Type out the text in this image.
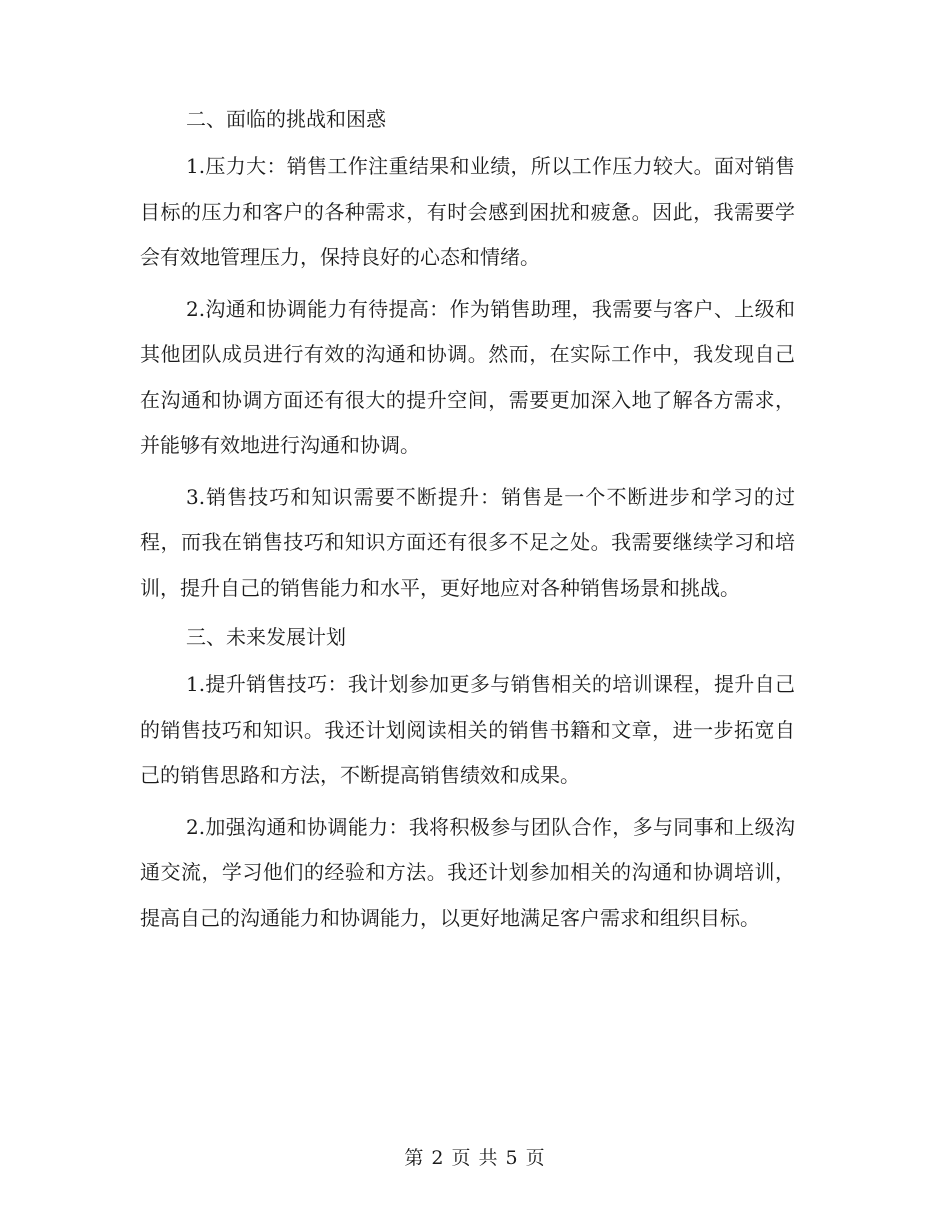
二、面临的挑战和困惑

1.压力大：销售工作注重结果和业绩，所以工作压力较大。面对销售目标的压力和客户的各种需求，有时会感到困扰和疲惫。因此，我需要学会有效地管理压力，保持良好的心态和情绪。

2.沟通和协调能力有待提高：作为销售助理，我需要与客户、上级和其他团队成员进行有效的沟通和协调。然而，在实际工作中，我发现自己在沟通和协调方面还有很大的提升空间，需要更加深入地了解各方需求，并能够有效地进行沟通和协调。

3.销售技巧和知识需要不断提升：销售是一个不断进步和学习的过程，而我在销售技巧和知识方面还有很多不足之处。我需要继续学习和培训，提升自己的销售能力和水平，更好地应对各种销售场景和挑战。

三、未来发展计划

1.提升销售技巧：我计划参加更多与销售相关的培训课程，提升自己的销售技巧和知识。我还计划阅读相关的销售书籍和文章，进一步拓宽自己的销售思路和方法，不断提高销售绩效和成果。

2.加强沟通和协调能力：我将积极参与团队合作，多与同事和上级沟通交流，学习他们的经验和方法。我还计划参加相关的沟通和协调培训，提高自己的沟通能力和协调能力，以更好地满足客户需求和组织目标。

第 2 页 共 5 页
